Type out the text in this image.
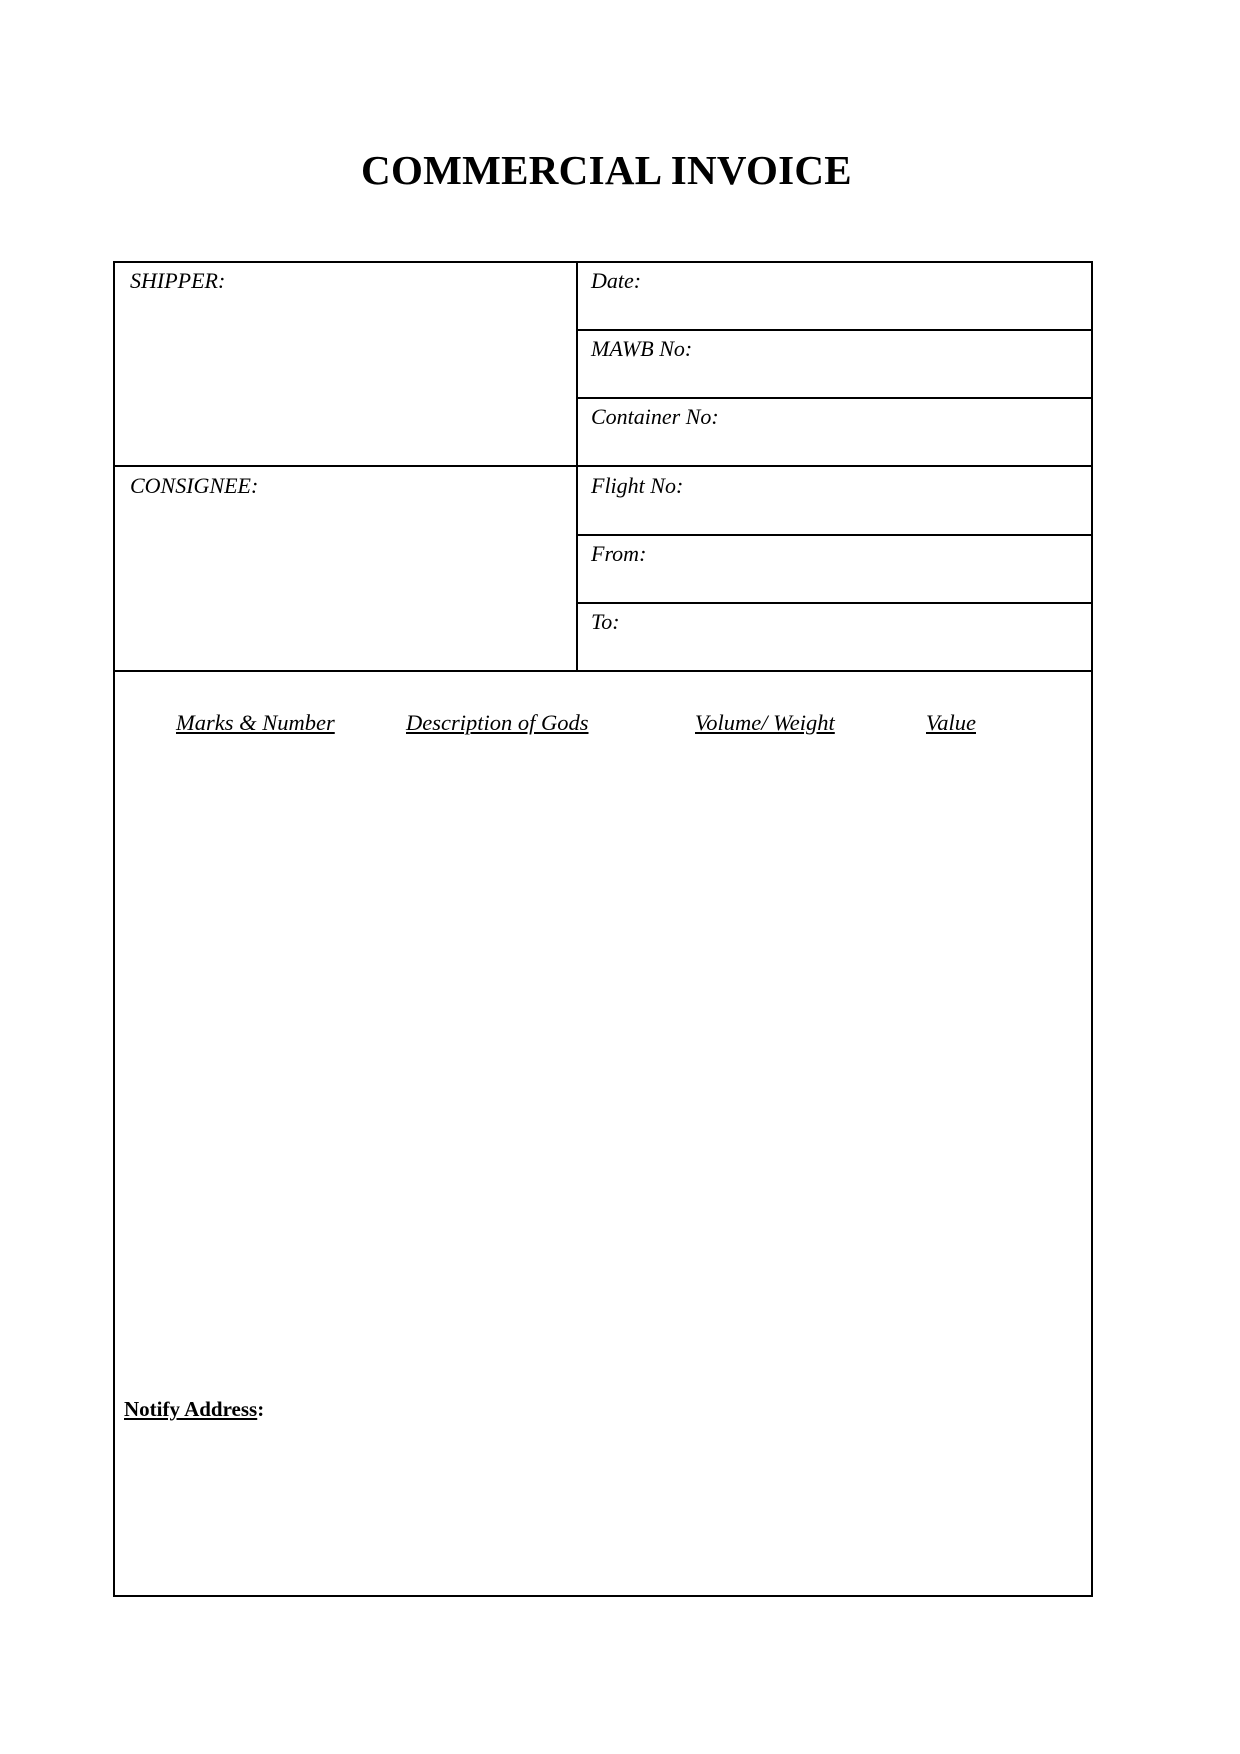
COMMERCIAL INVOICE
SHIPPER:
CONSIGNEE:
Date:
MAWB No:
Container No:
Flight No:
From:
To:
Marks & Number	Description of Gods	Volume/ Weight	Value
Notify Address:
